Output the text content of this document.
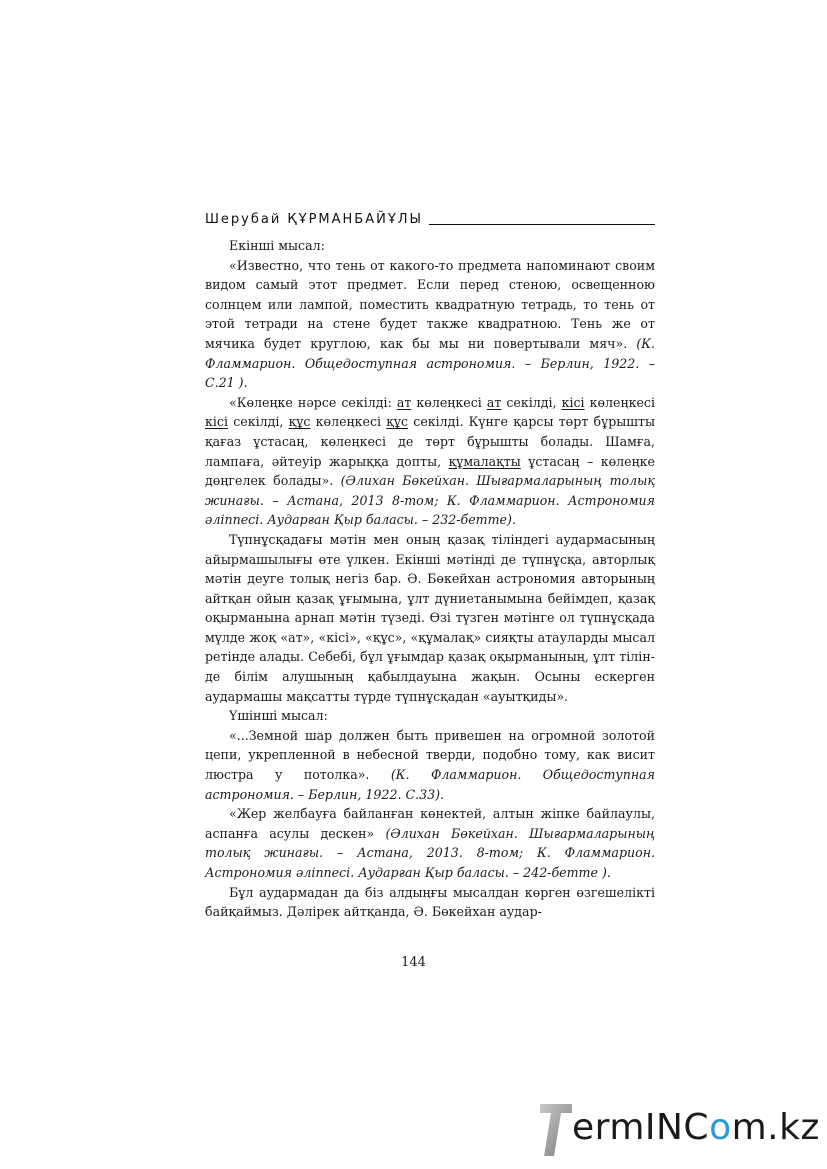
Шерубай ҚҰРМАНБАЙҰЛЫ

Екінші мысал:

«Известно, что тень от какого-то предмета напоминают своим видом самый этот предмет. Если перед стеною, освещенною солнцем или лампой, поместить квадратную тетрадь, то тень от этой тетради на стене будет также квадратною. Тень же от мячика будет круглою, как бы мы ни повертывали мяч». (К. Фламмарион. Общедоступная астрономия. – Берлин, 1922. – С.21 ).

«Көлеңке нәрсе секілді: ат көлеңкесі ат секілді, кісі көлеңкесі кісі секілді, құс көлеңкесі құс секілді. Күнге қарсы төрт бұрышты қағаз ұстасаң, көлеңкесі де төрт бұрышты болады. Шамға, лампаға, әйтеуір жарыққа допты, құмалақты ұстасаң – көлеңке дөңгелек болады». (Әлихан Бөкейхан. Шығармаларының толық жинағы. – Астана, 2013 8-том; К. Фламмарион. Астрономия әліппесі. Аударған Қыр баласы. – 232-бетте).

Түпнұсқадағы мәтін мен оның қазақ тіліндегі аудармасының айырмашылығы өте үлкен. Екінші мәтінді де түпнұсқа, авторлық мәтін деуге толық негіз бар. Ә. Бөкейхан астрономия авторының айтқан ойын қазақ ұғымына, ұлт дүниетанымына бейімдеп, қазақ оқырманына арнап мәтін түзеді. Өзі түзген мәтінге ол түпнұсқада мүлде жоқ «ат», «кісі», «құс», «құмалақ» сияқты атауларды мысал ретінде алады. Себебі, бұл ұғымдар қазақ оқырманының, ұлт тілінде білім алушының қабылдауына жақын. Осыны ескерген аудармашы мақсатты түрде түпнұсқадан «ауытқиды».

Үшінші мысал:

«...Земной шар должен быть привешен на огромной золотой цепи, укрепленной в небесной тверди, подобно тому, как висит люстра у потолка». (К. Фламмарион. Общедоступная астрономия. – Берлин, 1922. С.33).

«Жер желбауға байланған көнектей, алтын жіпке байлаулы, аспанға асулы дескен» (Әлихан Бөкейхан. Шығармаларының толық жинағы. – Астана, 2013. 8-том; К. Фламмарион. Астрономия әліппесі. Аударған Қыр баласы. – 242-бетте ).

Бұл аудармадан да біз алдыңғы мысалдан көрген өзгешелікті байқаймыз. Дәлірек айтқанда, Ә. Бөкейхан аудар-

144
ermINCom.kz
